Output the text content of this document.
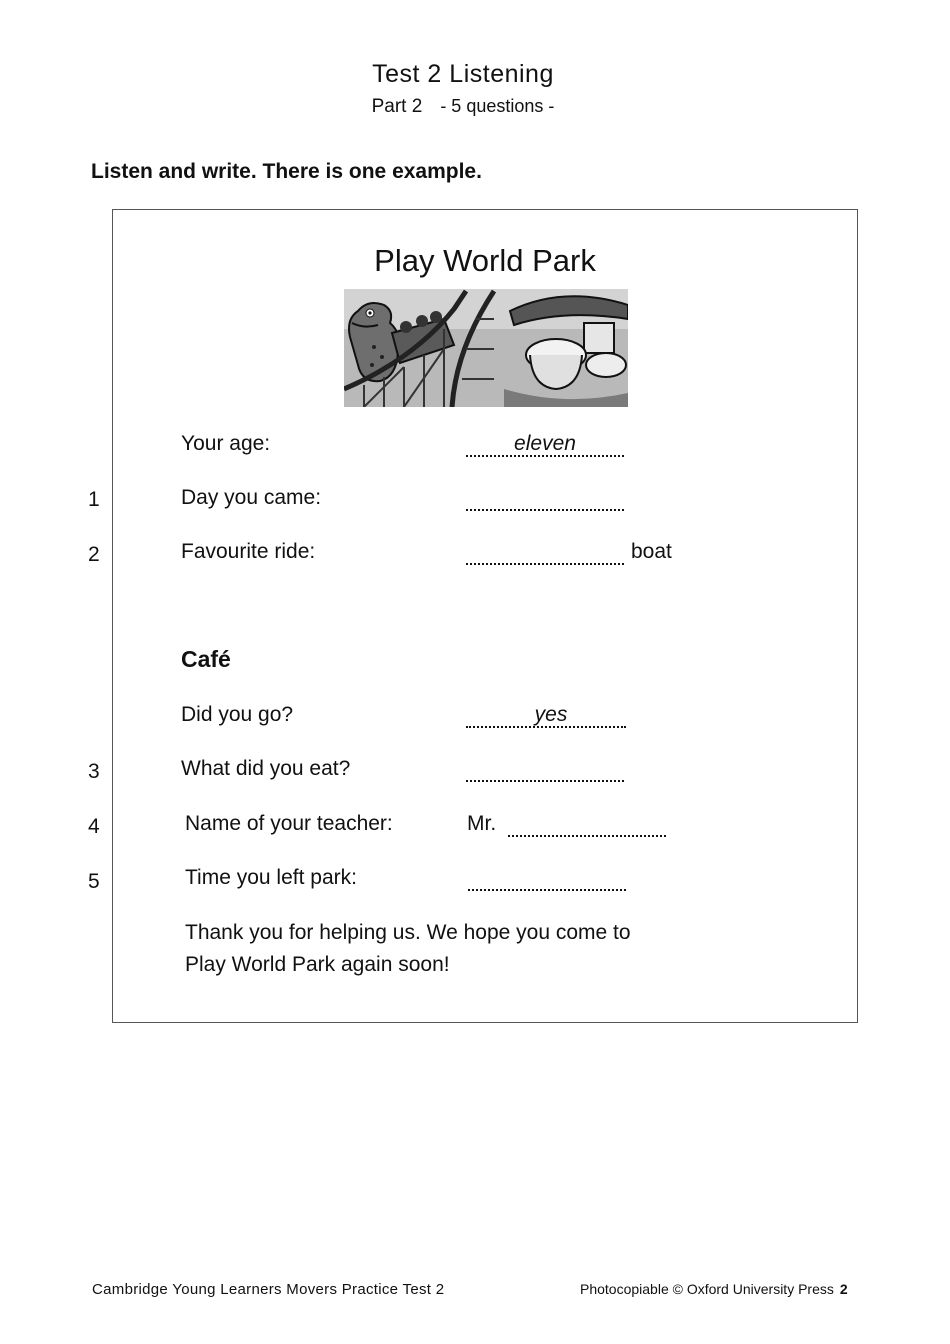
Test 2 Listening
Part 2 - 5 questions -
Listen and write. There is one example.
Play World Park
Your age:	eleven
1	Day you came:
2	Favourite ride:	boat
Café
Did you go?	yes
3	What did you eat?
4	Name of your teacher:	Mr.
5	Time you left park:
Thank you for helping us. We hope you come to
Play World Park again soon!
Cambridge Young Learners Movers Practice Test 2	Photocopiable © Oxford University Press 2
